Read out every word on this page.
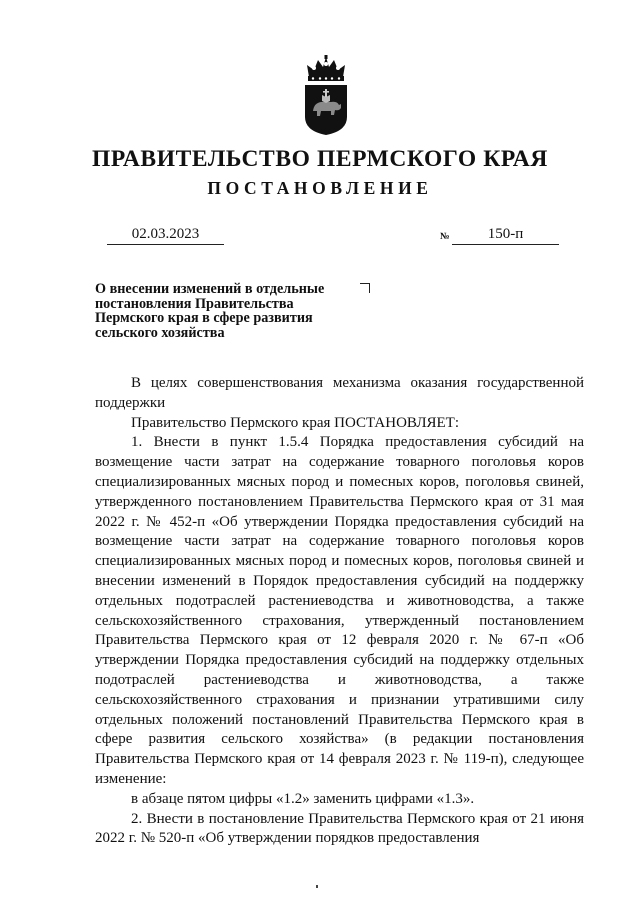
ПРАВИТЕЛЬСТВО ПЕРМСКОГО КРАЯ
ПОСТАНОВЛЕНИЕ
02.03.2023	№	150-п
О внесении изменений в отдельные постановления Правительства Пермского края в сфере развития сельского хозяйства

В целях совершенствования механизма оказания государственной поддержки

Правительство Пермского края ПОСТАНОВЛЯЕТ:

1. Внести в пункт 1.5.4 Порядка предоставления субсидий на возмещение части затрат на содержание товарного поголовья коров специализированных мясных пород и помесных коров, поголовья свиней, утвержденного постановлением Правительства Пермского края от 31 мая 2022 г. № 452-п «Об утверждении Порядка предоставления субсидий на возмещение части затрат на содержание товарного поголовья коров специализированных мясных пород и помесных коров, поголовья свиней и внесении изменений в Порядок предоставления субсидий на поддержку отдельных подотраслей растениеводства и животноводства, а также сельскохозяйственного страхования, утвержденный постановлением Правительства Пермского края от 12 февраля 2020 г. № 67-п «Об утверждении Порядка предоставления субсидий на поддержку отдельных подотраслей растениеводства и животноводства, а также сельскохозяйственного страхования и признании утратившими силу отдельных положений постановлений Правительства Пермского края в сфере развития сельского хозяйства» (в редакции постановления Правительства Пермского края от 14 февраля 2023 г. № 119-п), следующее изменение:

в абзаце пятом цифры «1.2» заменить цифрами «1.3».

2. Внести в постановление Правительства Пермского края от 21 июня 2022 г. № 520-п «Об утверждении порядков предоставления
